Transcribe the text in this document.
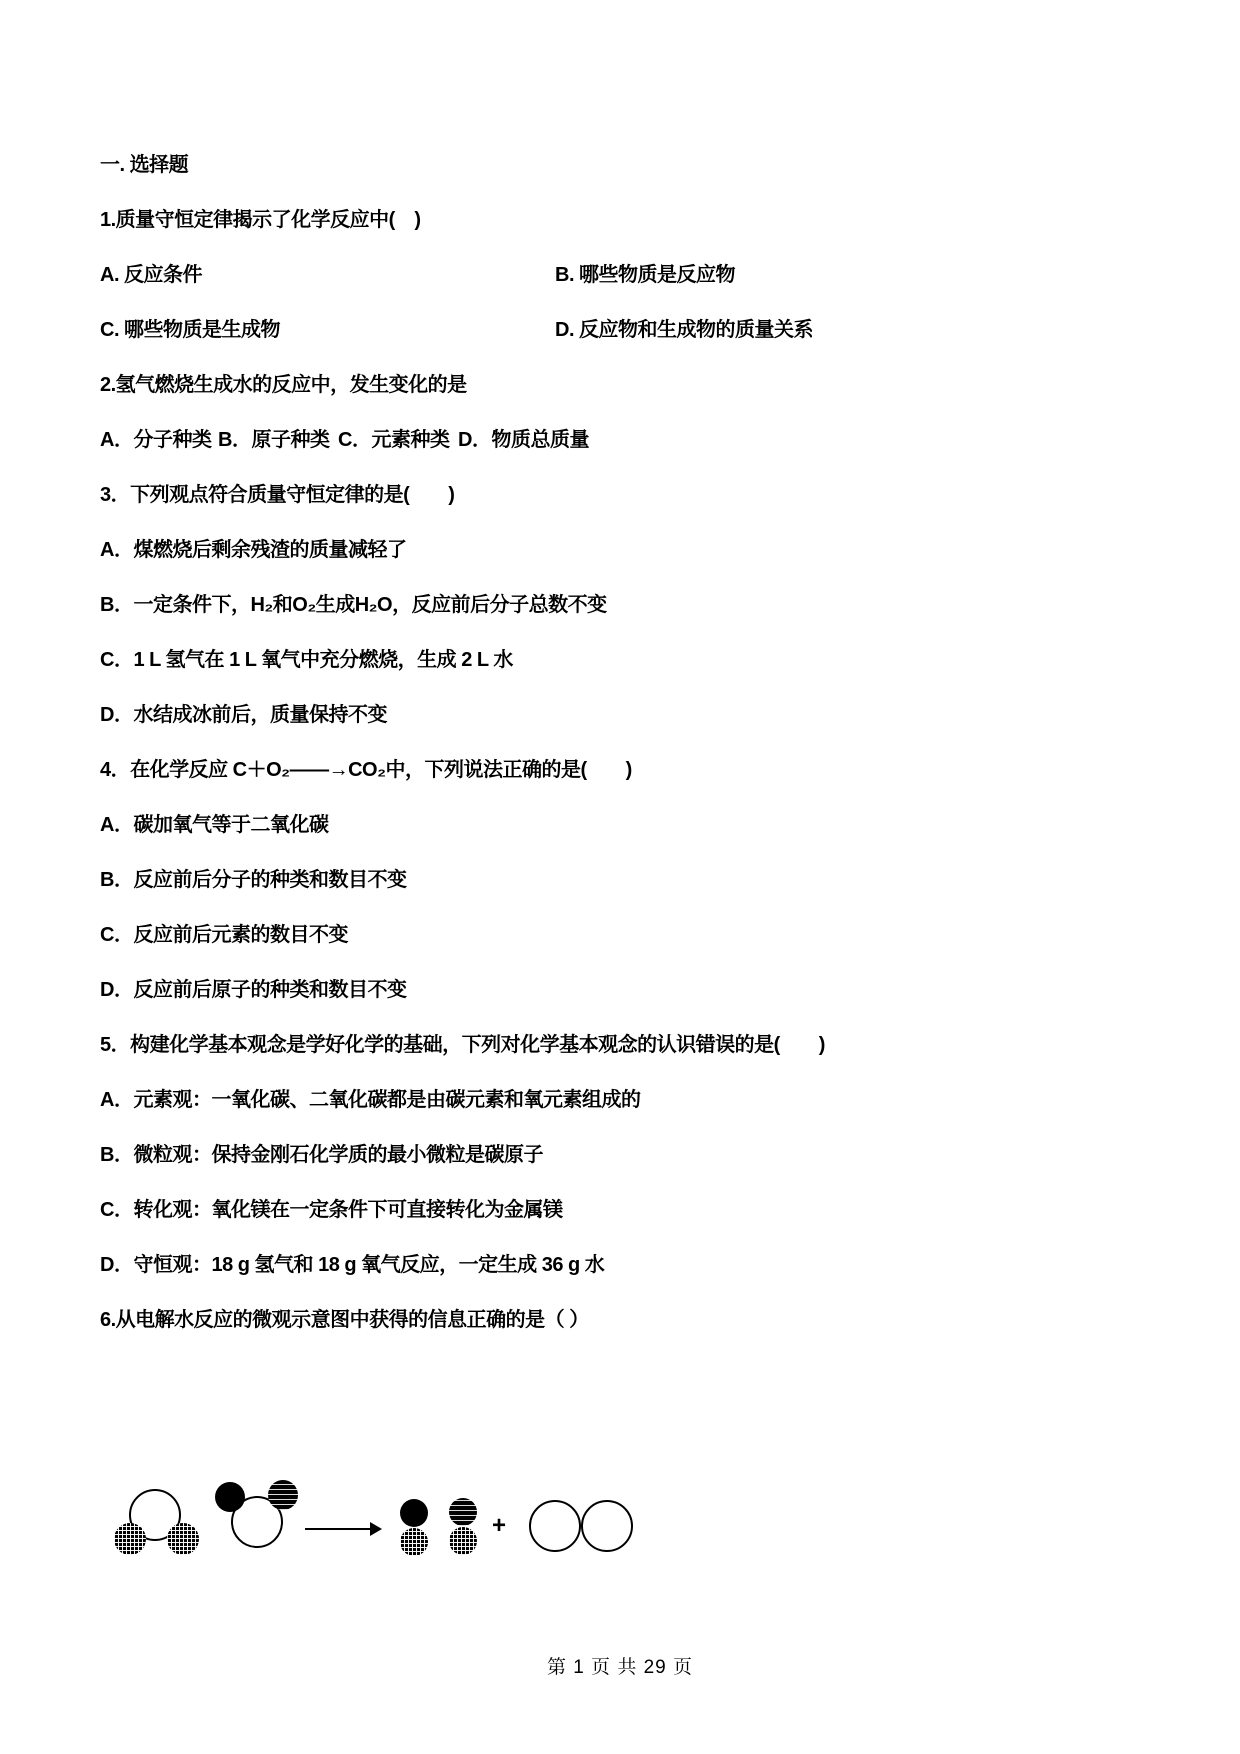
一. 选择题
1.质量守恒定律揭示了化学反应中(　)
A. 反应条件	B. 哪些物质是反应物
C. 哪些物质是生成物	D. 反应物和生成物的质量关系
2.氢气燃烧生成水的反应中，发生变化的是
A．分子种类 B．原子种类 C．元素种类 D．物质总质量
3．下列观点符合质量守恒定律的是(　　)
A．煤燃烧后剩余残渣的质量减轻了
B．一定条件下，H₂和O₂生成H₂O，反应前后分子总数不变
C．1 L 氢气在 1 L 氧气中充分燃烧，生成 2 L 水
D．水结成冰前后，质量保持不变
4．在化学反应 C＋O₂——→CO₂中，下列说法正确的是(　　)
A．碳加氧气等于二氧化碳
B．反应前后分子的种类和数目不变
C．反应前后元素的数目不变
D．反应前后原子的种类和数目不变
5．构建化学基本观念是学好化学的基础，下列对化学基本观念的认识错误的是(　　)
A．元素观：一氧化碳、二氧化碳都是由碳元素和氧元素组成的
B．微粒观：保持金刚石化学质的最小微粒是碳原子
C．转化观：氧化镁在一定条件下可直接转化为金属镁
D．守恒观：18 g 氢气和 18 g 氧气反应，一定生成 36 g 水
6.从电解水反应的微观示意图中获得的信息正确的是（ ）
+
第 1 页 共 29 页
